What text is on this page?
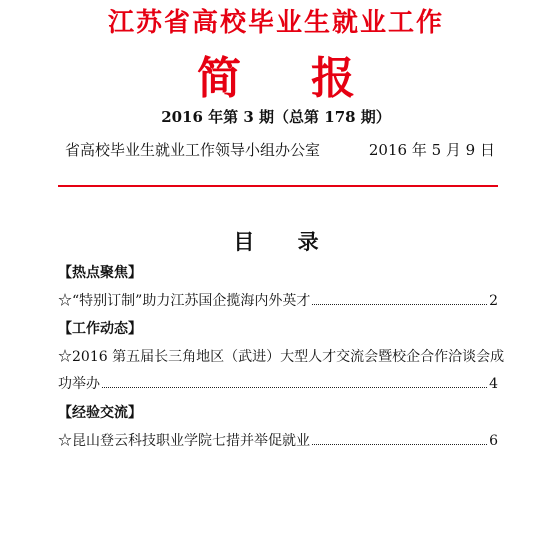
江苏省高校毕业生就业工作
简报
2016 年第 3 期（总第 178 期）
省高校毕业生就业工作领导小组办公室	2016 年 5 月 9 日
目 录
【热点聚焦】
☆“特别订制”助力江苏国企揽海内外英才	2
【工作动态】
☆2016 第五届长三角地区（武进）大型人才交流会暨校企合作洽谈会成
功举办	4
【经验交流】
☆昆山登云科技职业学院七措并举促就业	6
